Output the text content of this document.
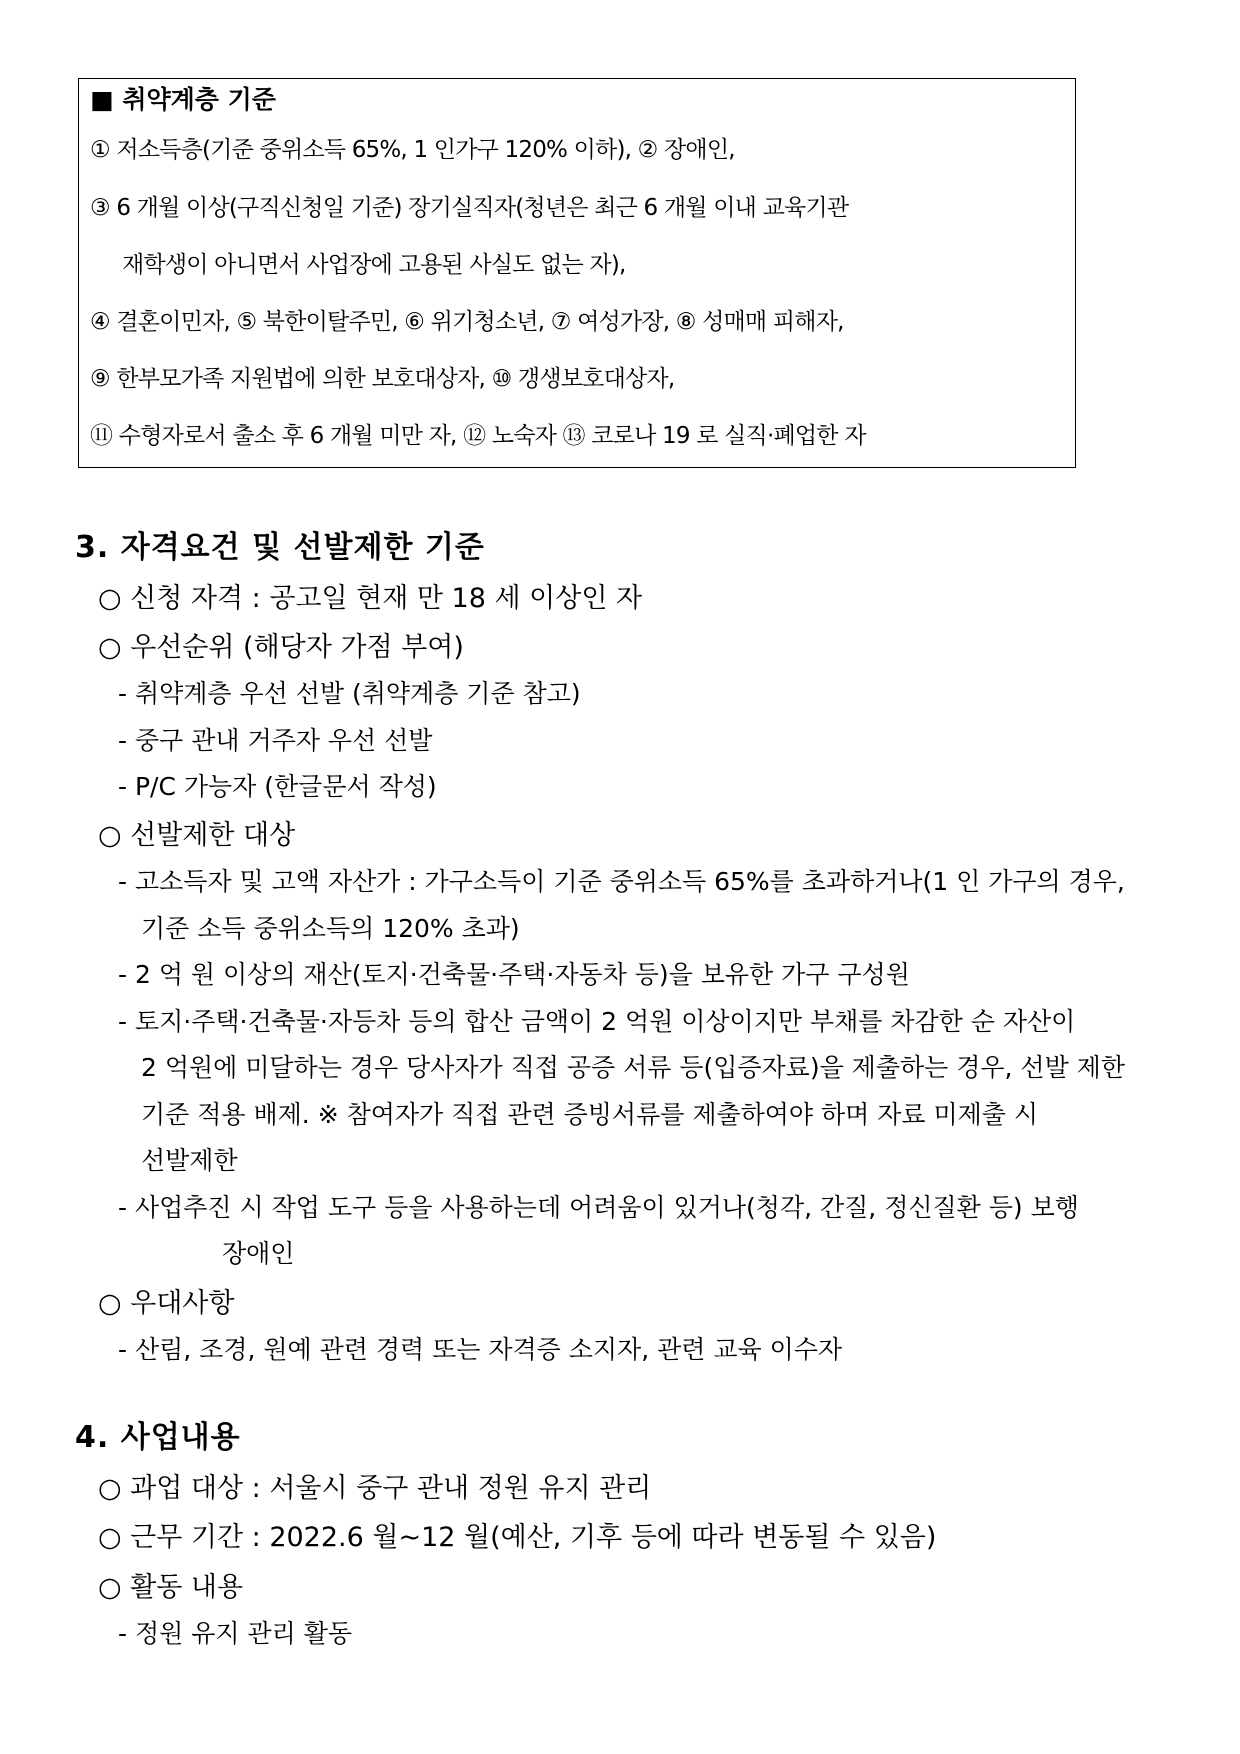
■ 취약계층 기준
① 저소득층(기준 중위소득 65%, 1 인가구 120% 이하), ② 장애인,
③ 6 개월 이상(구직신청일 기준) 장기실직자(청년은 최근 6 개월 이내 교육기관
재학생이 아니면서 사업장에 고용된 사실도 없는 자),
④ 결혼이민자, ⑤ 북한이탈주민, ⑥ 위기청소년, ⑦ 여성가장, ⑧ 성매매 피해자,
⑨ 한부모가족 지원법에 의한 보호대상자, ⑩ 갱생보호대상자,
⑪ 수형자로서 출소 후 6 개월 미만 자, ⑫ 노숙자 ⑬ 코로나 19 로 실직·폐업한 자
3. 자격요건 및 선발제한 기준
○ 신청 자격 : 공고일 현재 만 18 세 이상인 자
○ 우선순위 (해당자 가점 부여)
- 취약계층 우선 선발 (취약계층 기준 참고)
- 중구 관내 거주자 우선 선발
- P/C 가능자 (한글문서 작성)
○ 선발제한 대상
- 고소득자 및 고액 자산가 : 가구소득이 기준 중위소득 65%를 초과하거나(1 인 가구의 경우,
기준 소득 중위소득의 120% 초과)
- 2 억 원 이상의 재산(토지·건축물·주택·자동차 등)을 보유한 가구 구성원
- 토지·주택·건축물·자등차 등의 합산 금액이 2 억원 이상이지만 부채를 차감한 순 자산이
2 억원에 미달하는 경우 당사자가 직접 공증 서류 등(입증자료)을 제출하는 경우, 선발 제한
기준 적용 배제. ※ 참여자가 직접 관련 증빙서류를 제출하여야 하며 자료 미제출 시
선발제한
- 사업추진 시 작업 도구 등을 사용하는데 어려움이 있거나(청각, 간질, 정신질환 등) 보행
장애인
○ 우대사항
- 산림, 조경, 원예 관련 경력 또는 자격증 소지자, 관련 교육 이수자
4. 사업내용
○ 과업 대상 : 서울시 중구 관내 정원 유지 관리
○ 근무 기간 : 2022.6 월~12 월(예산, 기후 등에 따라 변동될 수 있음)
○ 활동 내용
- 정원 유지 관리 활동
